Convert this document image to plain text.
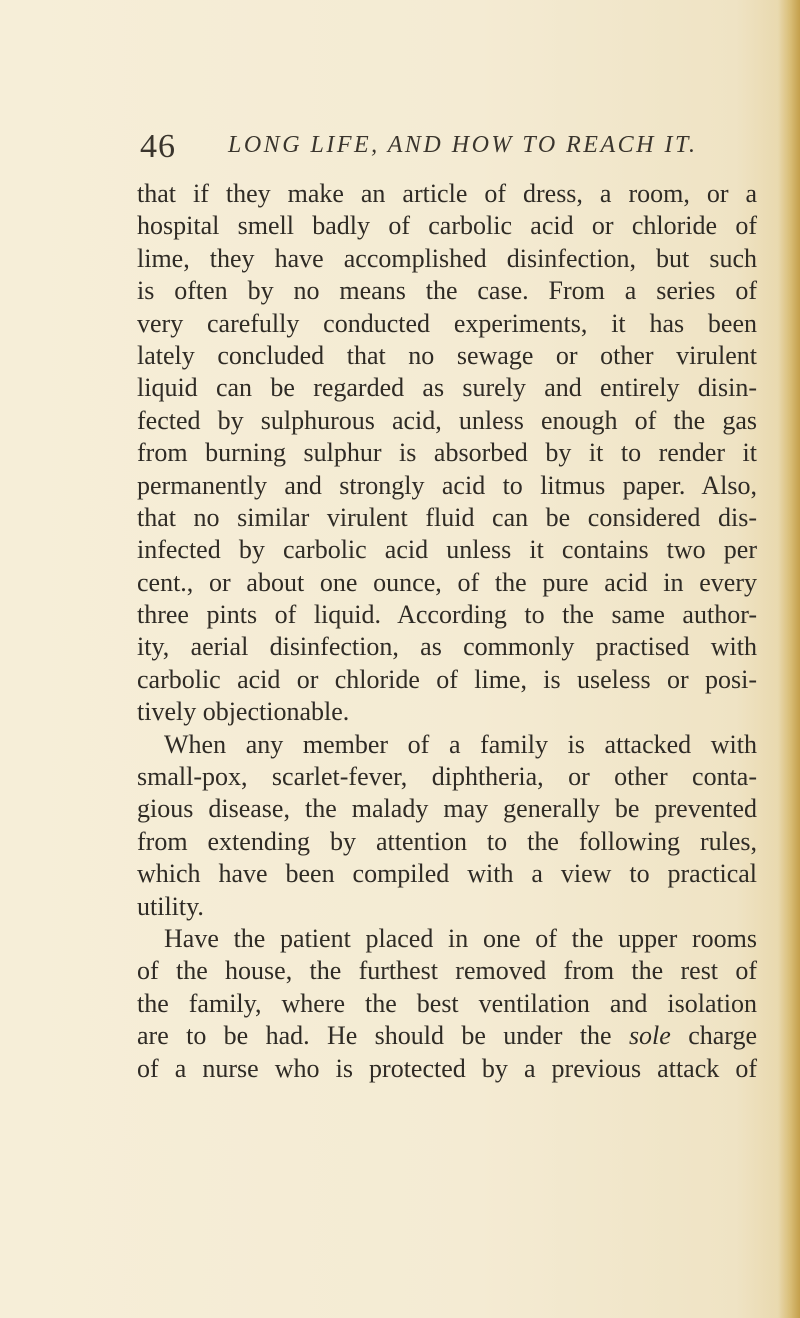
46 LONG LIFE, AND HOW TO REACH IT.
that if they make an article of dress, a room, or a
hospital smell badly of carbolic acid or chloride of
lime, they have accomplished disinfection, but such
is often by no means the case. From a series of
very carefully conducted experiments, it has been
lately concluded that no sewage or other virulent
liquid can be regarded as surely and entirely disin-
fected by sulphurous acid, unless enough of the gas
from burning sulphur is absorbed by it to render it
permanently and strongly acid to litmus paper. Also,
that no similar virulent fluid can be considered dis-
infected by carbolic acid unless it contains two per
cent., or about one ounce, of the pure acid in every
three pints of liquid. According to the same author-
ity, aerial disinfection, as commonly practised with
carbolic acid or chloride of lime, is useless or posi-
tively objectionable.
When any member of a family is attacked with
small-pox, scarlet-fever, diphtheria, or other conta-
gious disease, the malady may generally be prevented
from extending by attention to the following rules,
which have been compiled with a view to practical
utility.
Have the patient placed in one of the upper rooms
of the house, the furthest removed from the rest of
the family, where the best ventilation and isolation
are to be had. He should be under the sole charge
of a nurse who is protected by a previous attack of
